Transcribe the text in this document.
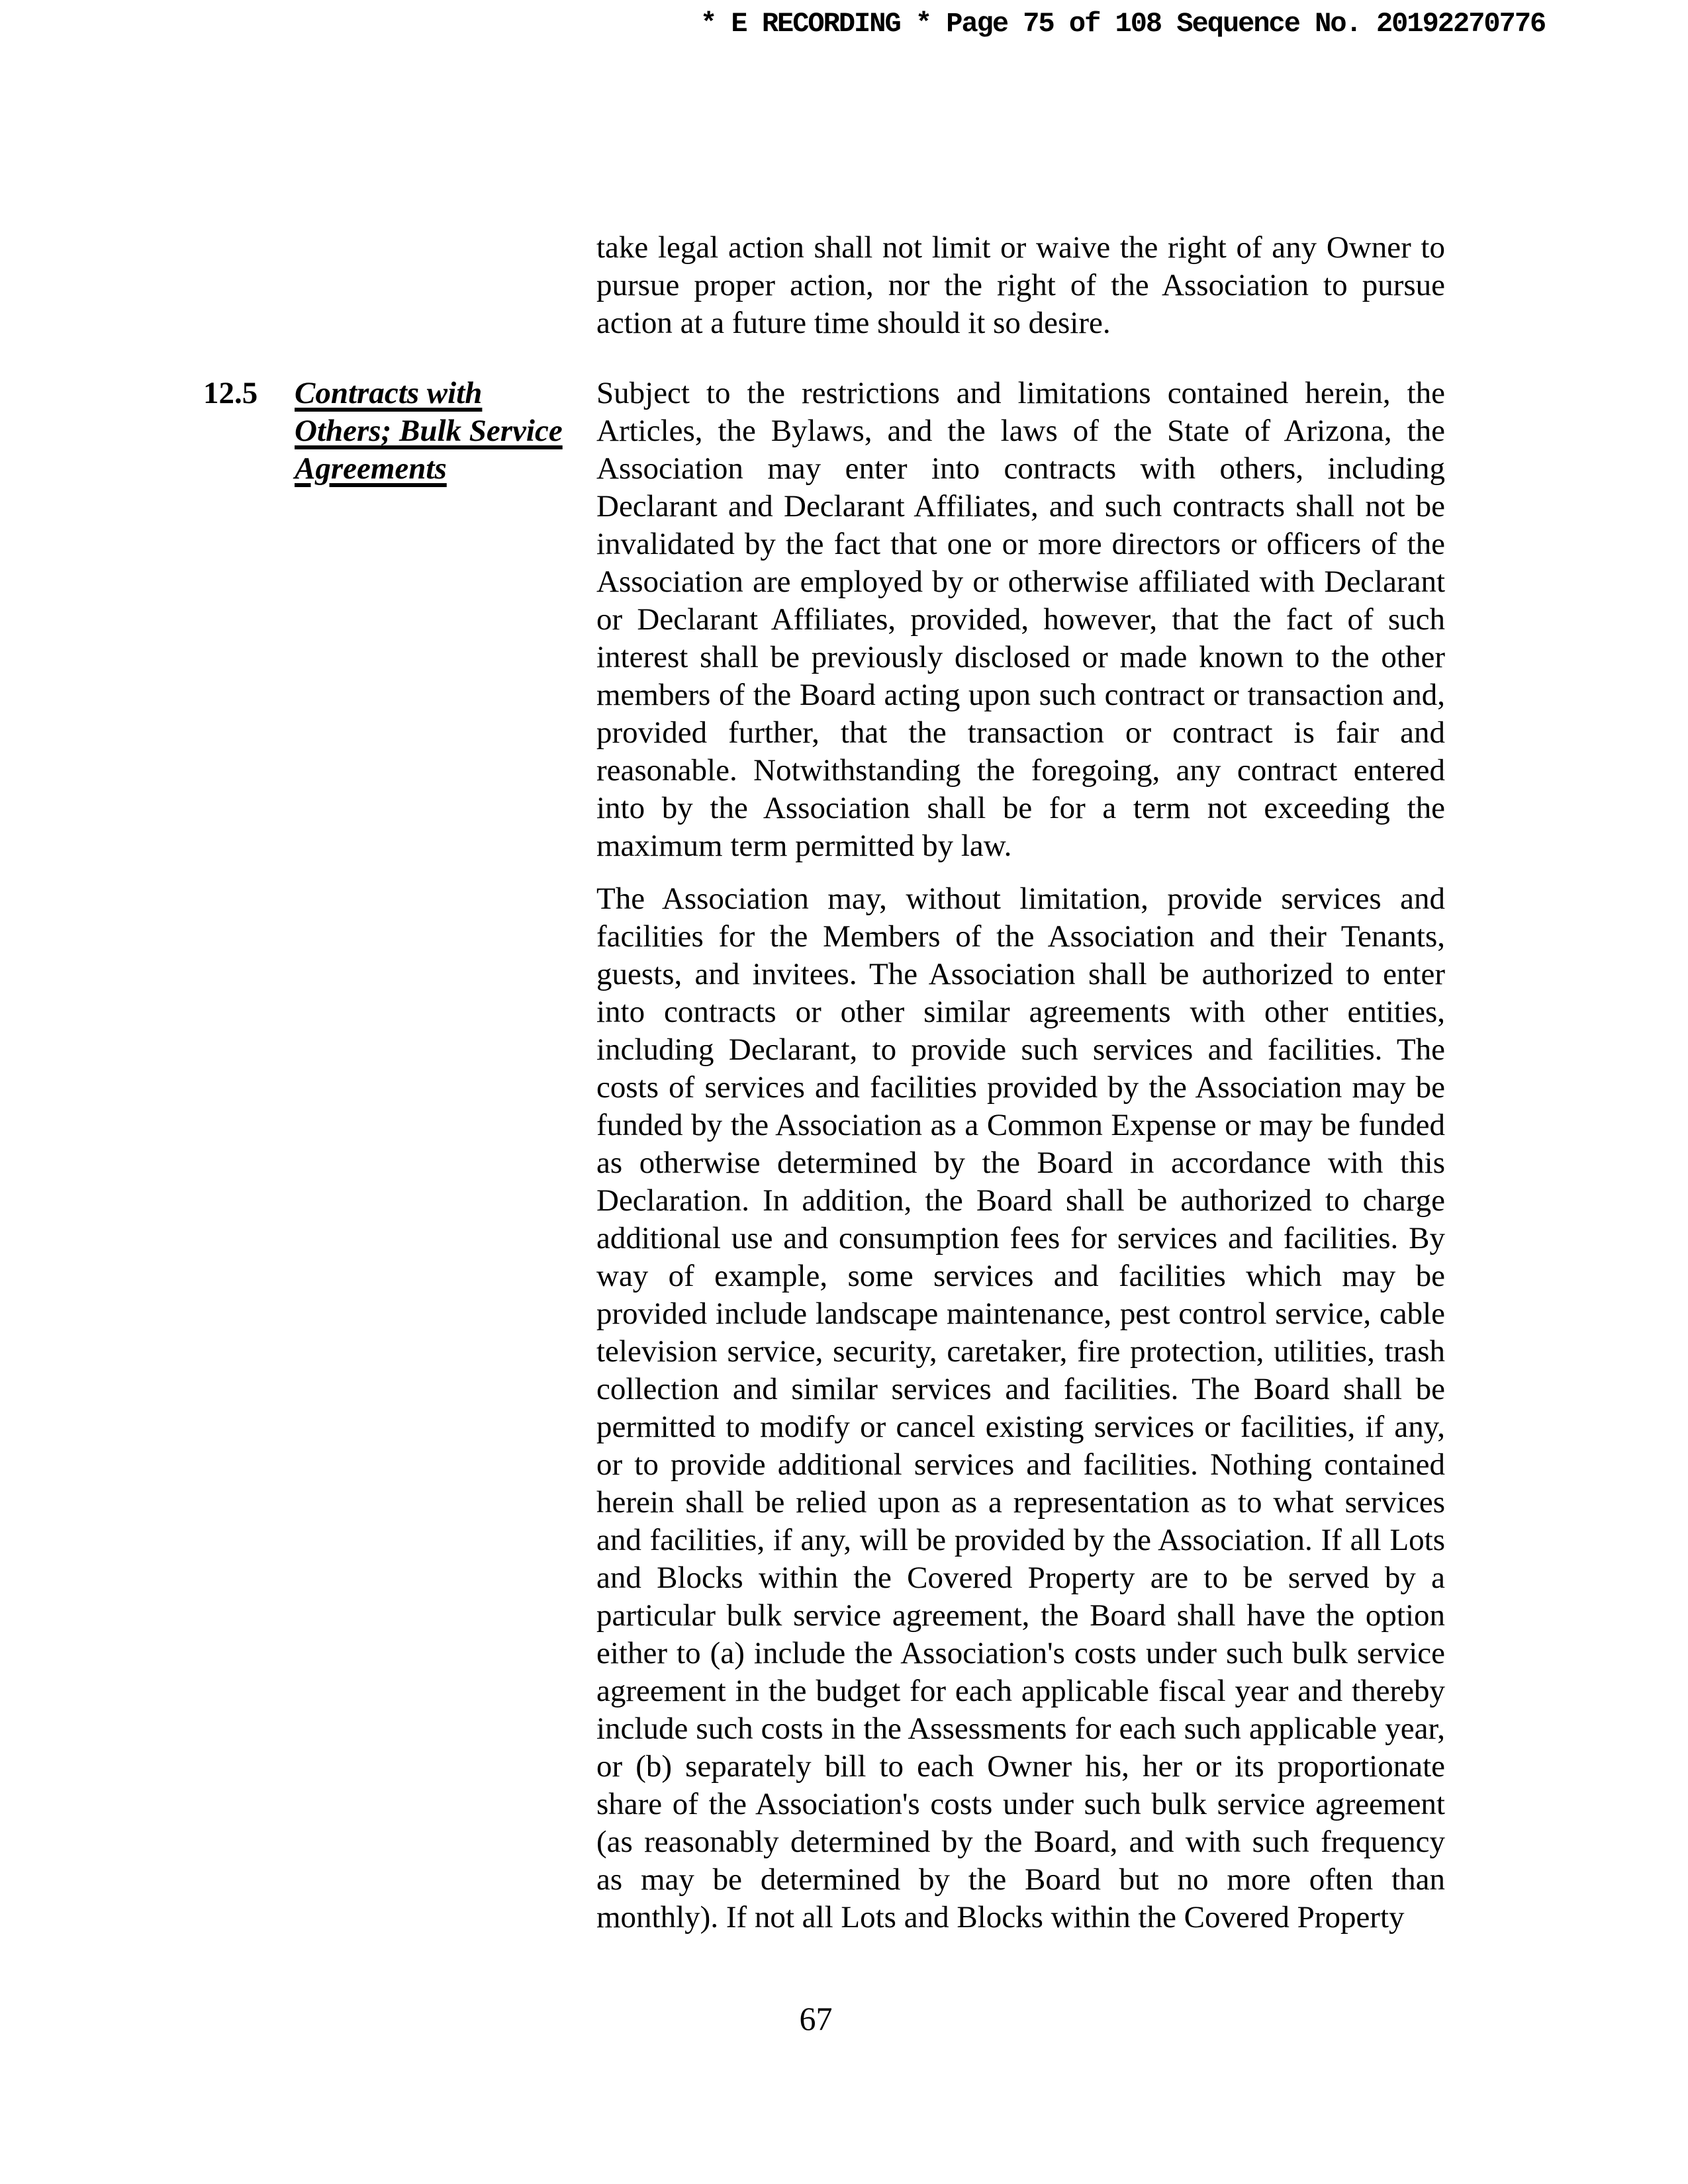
* E RECORDING * Page 75 of 108 Sequence No. 20192270776
take legal action shall not limit or waive the right of any Owner to pursue proper action, nor the right of the Association to pursue action at a future time should it so desire.
12.5 Contracts with Others; Bulk Service Agreements
Subject to the restrictions and limitations contained herein, the Articles, the Bylaws, and the laws of the State of Arizona, the Association may enter into contracts with others, including Declarant and Declarant Affiliates, and such contracts shall not be invalidated by the fact that one or more directors or officers of the Association are employed by or otherwise affiliated with Declarant or Declarant Affiliates, provided, however, that the fact of such interest shall be previously disclosed or made known to the other members of the Board acting upon such contract or transaction and, provided further, that the transaction or contract is fair and reasonable. Notwithstanding the foregoing, any contract entered into by the Association shall be for a term not exceeding the maximum term permitted by law.
The Association may, without limitation, provide services and facilities for the Members of the Association and their Tenants, guests, and invitees. The Association shall be authorized to enter into contracts or other similar agreements with other entities, including Declarant, to provide such services and facilities. The costs of services and facilities provided by the Association may be funded by the Association as a Common Expense or may be funded as otherwise determined by the Board in accordance with this Declaration. In addition, the Board shall be authorized to charge additional use and consumption fees for services and facilities. By way of example, some services and facilities which may be provided include landscape maintenance, pest control service, cable television service, security, caretaker, fire protection, utilities, trash collection and similar services and facilities. The Board shall be permitted to modify or cancel existing services or facilities, if any, or to provide additional services and facilities. Nothing contained herein shall be relied upon as a representation as to what services and facilities, if any, will be provided by the Association. If all Lots and Blocks within the Covered Property are to be served by a particular bulk service agreement, the Board shall have the option either to (a) include the Association's costs under such bulk service agreement in the budget for each applicable fiscal year and thereby include such costs in the Assessments for each such applicable year, or (b) separately bill to each Owner his, her or its proportionate share of the Association's costs under such bulk service agreement (as reasonably determined by the Board, and with such frequency as may be determined by the Board but no more often than monthly). If not all Lots and Blocks within the Covered Property
67
